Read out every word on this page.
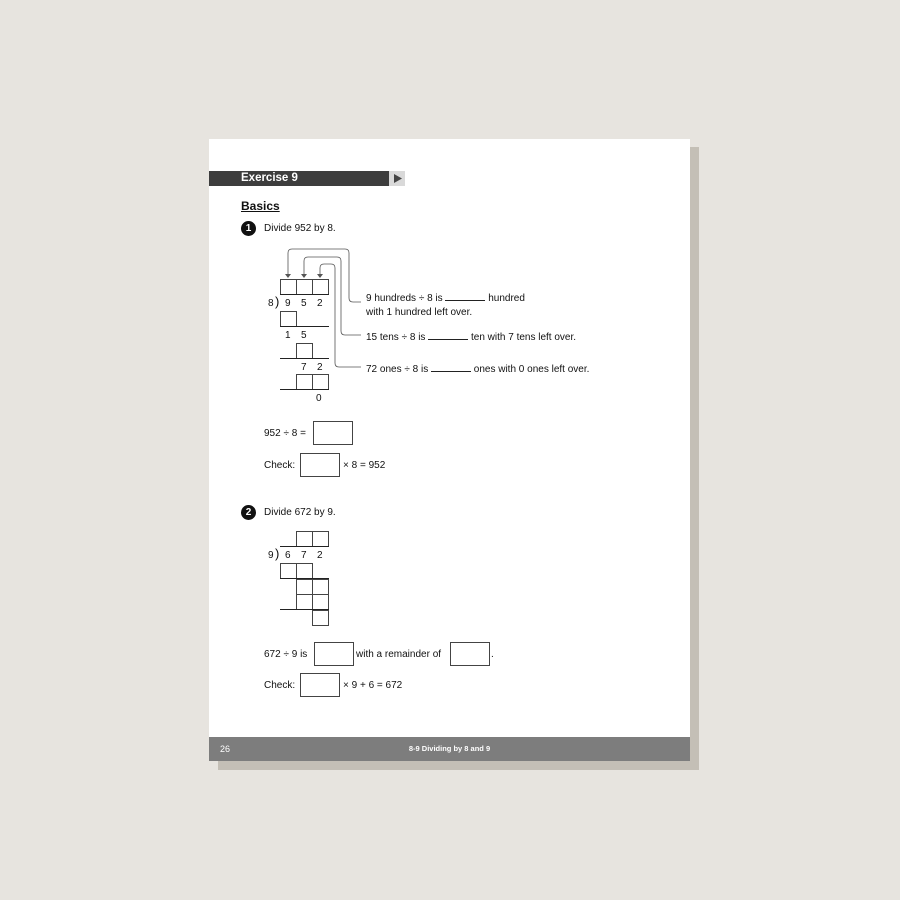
Exercise 9
Basics
1	Divide 952 by 8.
8 ) 9 5 2
1 5
7 2
0
9 hundreds ÷ 8 is	hundred
with 1 hundred left over.
15 tens ÷ 8 is	ten with 7 tens left over.
72 ones ÷ 8 is	ones with 0 ones left over.
952 ÷ 8 =
Check:	× 8 = 952
2	Divide 672 by 9.
9 ) 6 7 2
672 ÷ 9 is	with a remainder of	.
Check:	× 9 + 6 = 672
26	8-9 Dividing by 8 and 9
